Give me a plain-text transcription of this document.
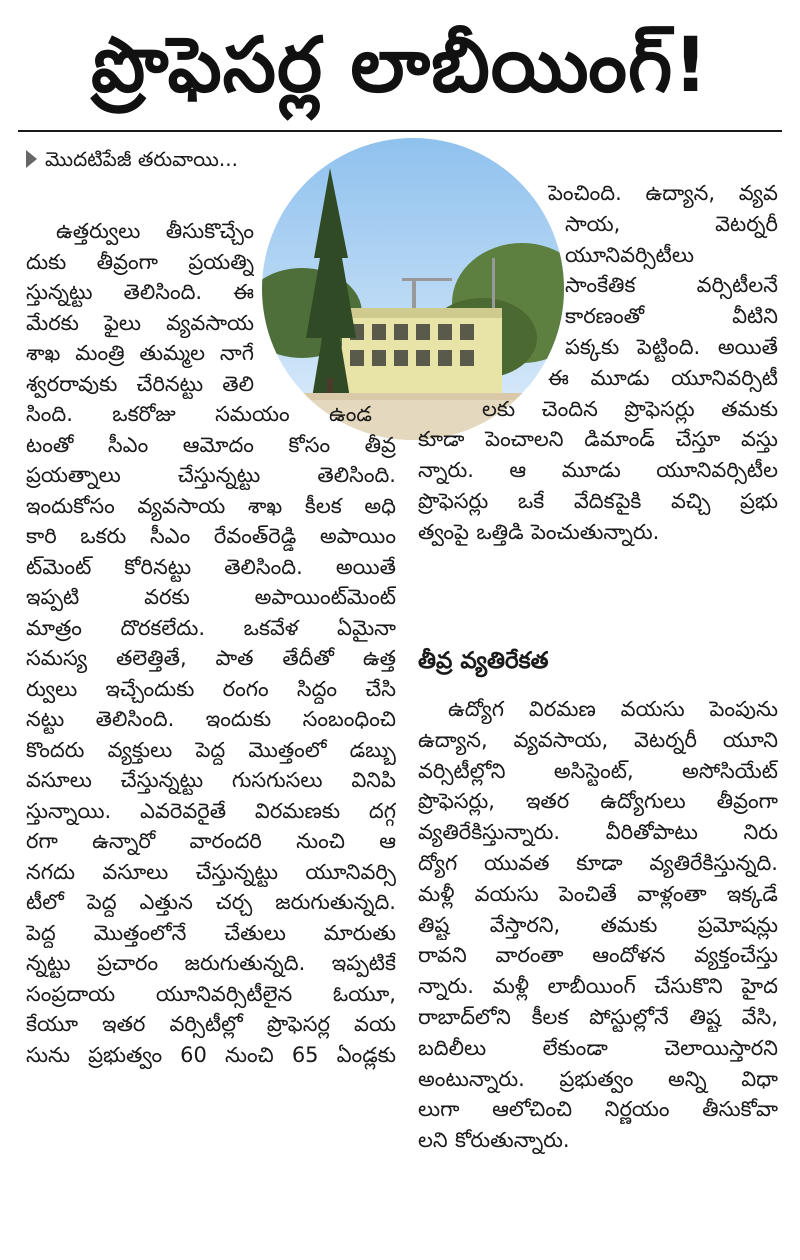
ప్రొఫెసర్ల లాబీయింగ్!
మొదటిపేజీ తరువాయి...
తీవ్ర వ్యతిరేకత
ఉత్తర్వులు తీసుకొచ్చేం
దుకు తీవ్రంగా ప్రయత్ని
స్తున్నట్టు తెలిసింది. ఈ
మేరకు ఫైలు వ్యవసాయ
శాఖ మంత్రి తుమ్మల నాగే
శ్వరరావుకు చేరినట్టు తెలి
సింది. ఒకరోజు సమయం ఉండ
టంతో సీఎం ఆమోదం కోసం తీవ్ర
ప్రయత్నాలు	చేస్తున్నట్టు	తెలిసింది.
ఇందుకోసం వ్యవసాయ శాఖ కీలక అధి
కారి ఒకరు సీఎం రేవంత్‌రెడ్డి అపాయిం
ట్‌మెంట్ కోరినట్టు తెలిసింది. అయితే
ఇప్పటి	వరకు	అపాయింట్‌మెంట్
మాత్రం దొరకలేదు. ఒకవేళ ఏమైనా
సమస్య తలెత్తితే, పాత తేదీతో ఉత్త
ర్వులు ఇచ్చేందుకు రంగం సిద్ధం చేసి
నట్టు తెలిసింది. ఇందుకు సంబంధించి
కొందరు వ్యక్తులు పెద్ద మొత్తంలో డబ్బు
వసూలు చేస్తున్నట్టు గుసగుసలు వినిపి
స్తున్నాయి. ఎవరెవరైతే విరమణకు దగ్గ
రగా ఉన్నారో వారందరి నుంచి ఆ
నగదు వసూలు చేస్తున్నట్టు యూనివర్సి
టీలో పెద్ద ఎత్తున చర్చ జరుగుతున్నది.
పెద్ద మొత్తంలోనే చేతులు మారుతు
న్నట్టు ప్రచారం జరుగుతున్నది. ఇప్పటికే
సంప్రదాయ యూనివర్సిటీలైన ఓయూ,
కేయూ ఇతర వర్సిటీల్లో ప్రొఫెసర్ల వయ
సును ప్రభుత్వం 60 నుంచి 65 ఏండ్లకు
పెంచింది. ఉద్యాన, వ్యవ
సాయ,	వెటర్నరీ
యూనివర్సిటీలు
సాంకేతిక	వర్సిటీలనే
కారణంతో	వీటిని
పక్కకు పెట్టింది. అయితే
ఈ మూడు యూనివర్సిటీ
లకు చెందిన ప్రొఫెసర్లు తమకు
కూడా పెంచాలని డిమాండ్ చేస్తూ వస్తు
న్నారు. ఆ మూడు యూనివర్సిటీల
ప్రొఫెసర్లు ఒకే వేదికపైకి వచ్చి ప్రభు
త్వంపై ఒత్తిడి పెంచుతున్నారు.
ఉద్యోగ విరమణ వయసు పెంపును
ఉద్యాన, వ్యవసాయ, వెటర్నరీ యూని
వర్సిటీల్లోని అసిస్టెంట్, అసోసియేట్
ప్రొఫెసర్లు, ఇతర ఉద్యోగులు తీవ్రంగా
వ్యతిరేకిస్తున్నారు. వీరితోపాటు నిరు
ద్యోగ యువత కూడా వ్యతిరేకిస్తున్నది.
మళ్లీ వయసు పెంచితే వాళ్లంతా ఇక్కడే
తిష్ట వేస్తారని, తమకు ప్రమోషన్లు
రావని వారంతా ఆందోళన వ్యక్తంచేస్తు
న్నారు. మళ్లీ లాబీయింగ్ చేసుకొని హైద
రాబాద్‌లోని కీలక పోస్టుల్లోనే తిష్ట వేసి,
బదిలీలు	లేకుండా	చెలాయిస్తారని
అంటున్నారు. ప్రభుత్వం అన్ని విధా
లుగా ఆలోచించి నిర్ణయం తీసుకోవా
లని కోరుతున్నారు.
